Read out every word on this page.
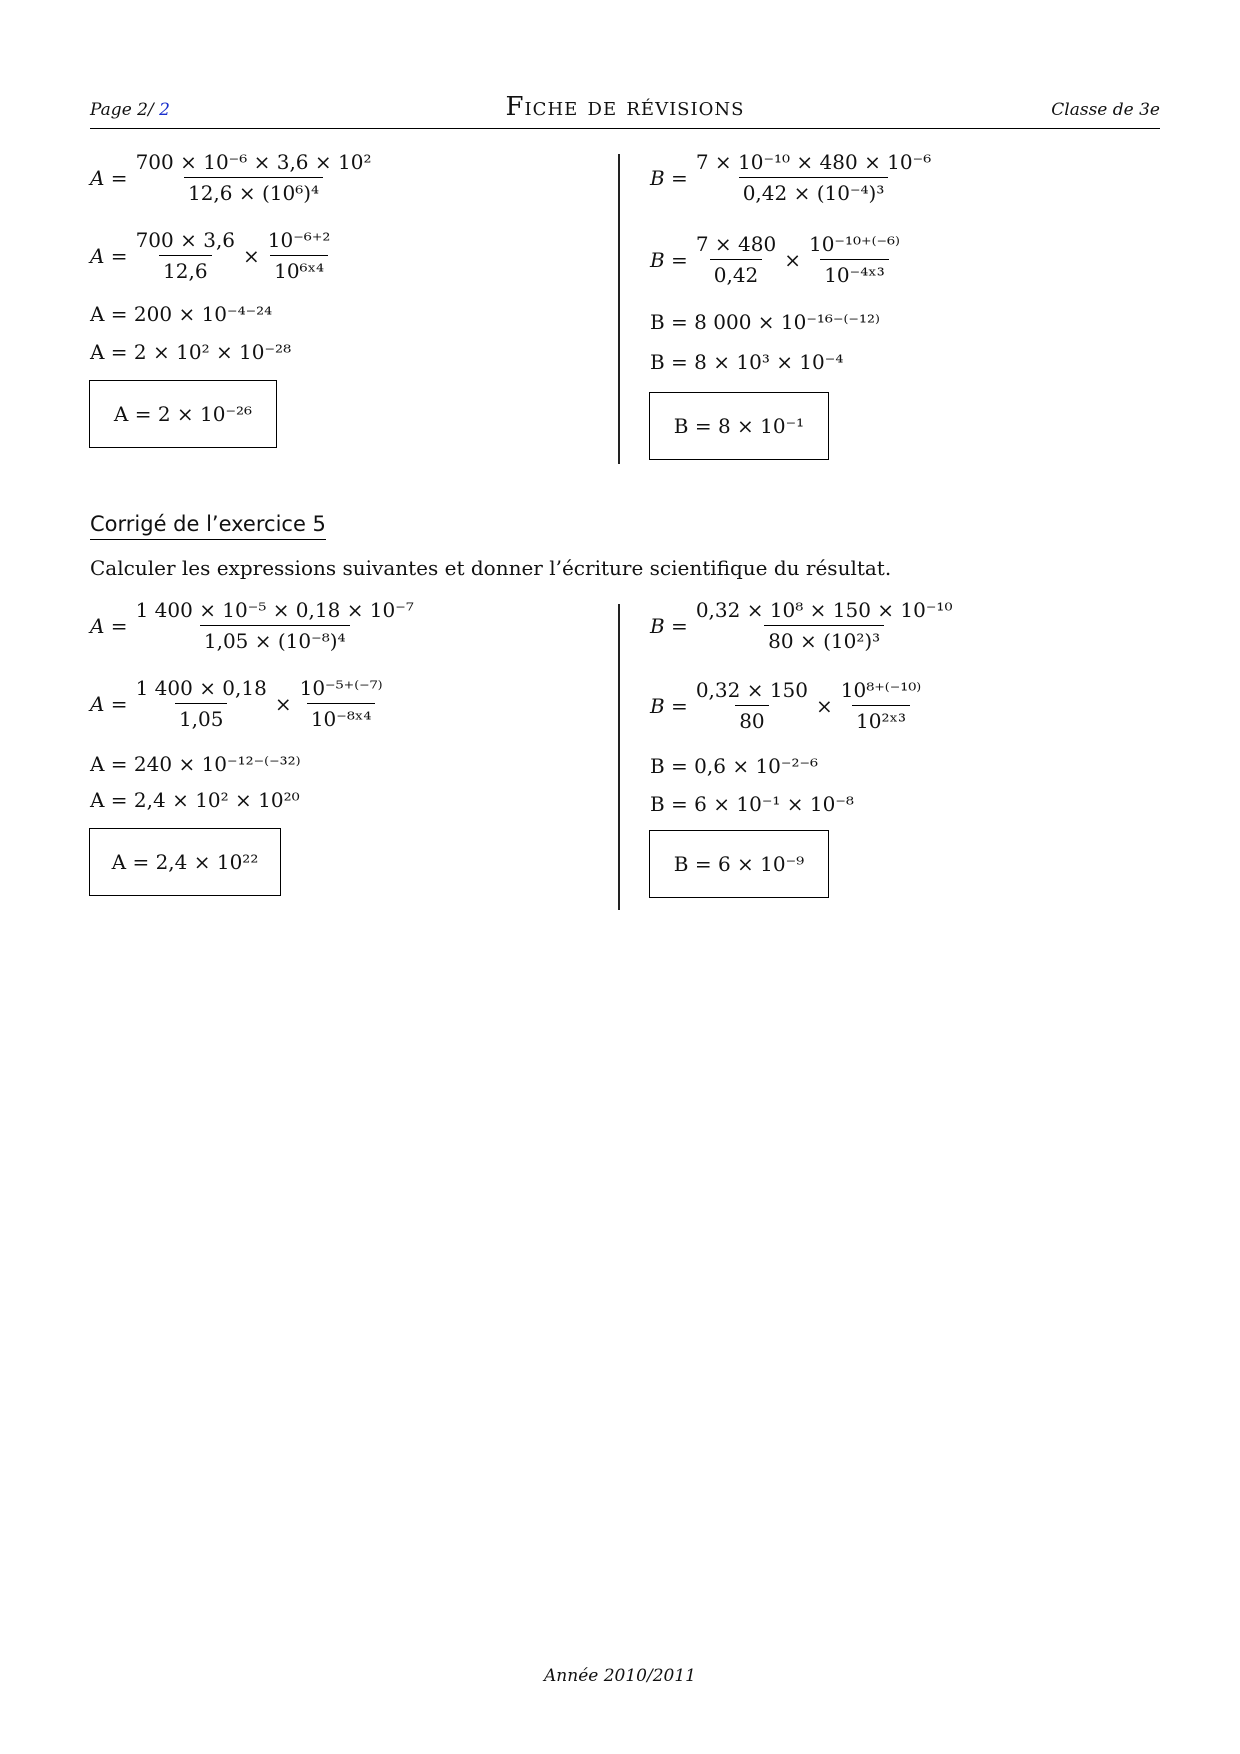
Page 2/ 2	Fiche de révisions	Classe de 3e
$A = \frac{\text{700 × 10⁻⁶ × 3,6 × 10²}}{\text{12,6 × (10⁶)⁴}}$
$A = \frac{700 \times 3,6}{12,6} \times \frac{\text{10⁻⁶⁺²}}{\text{10⁶ˣ⁴}}$
A = 200 × 10⁻⁴⁻²⁴
A = 2 × 10² × 10⁻²⁸
A = 2 × 10⁻²⁶
$B = \frac{\text{7 × 10⁻¹⁰ × 480 × 10⁻⁶}}{\text{0,42 × (10⁻⁴)³}}$
$B = \frac{7 \times 480}{0,42} \times \frac{\text{10⁻¹⁰⁺⁽⁻⁶⁾}}{\text{10⁻⁴ˣ³}}$
B = 8 000 × 10⁻¹⁶⁻⁽⁻¹²⁾
B = 8 × 10³ × 10⁻⁴
B = 8 × 10⁻¹
Corrigé de l’exercice 5
Calculer les expressions suivantes et donner l’écriture scientifique du résultat.
$A = \frac{\text{1 400 × 10⁻⁵ × 0,18 × 10⁻⁷}}{\text{1,05 × (10⁻⁸)⁴}}$
$A = \frac{1 400 \times 0,18}{1,05} \times \frac{\text{10⁻⁵⁺⁽⁻⁷⁾}}{\text{10⁻⁸ˣ⁴}}$
A = 240 × 10⁻¹²⁻⁽⁻³²⁾
A = 2,4 × 10² × 10²⁰
A = 2,4 × 10²²
$B = \frac{\text{0,32 × 10⁸ × 150 × 10⁻¹⁰}}{\text{80 × (10²)³}}$
$B = \frac{0,32 \times 150}{80} \times \frac{\text{10⁸⁺⁽⁻¹⁰⁾}}{\text{10²ˣ³}}$
B = 0,6 × 10⁻²⁻⁶
B = 6 × 10⁻¹ × 10⁻⁸
B = 6 × 10⁻⁹
Année 2010/2011
